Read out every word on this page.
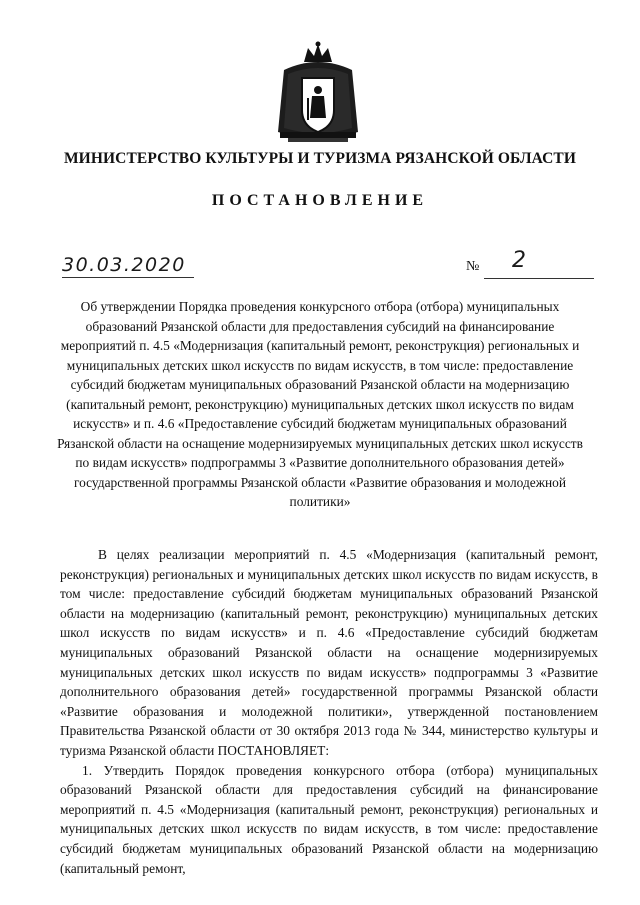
МИНИСТЕРСТВО КУЛЬТУРЫ И ТУРИЗМА РЯЗАНСКОЙ ОБЛАСТИ
ПОСТАНОВЛЕНИЕ
30.03.2020	№ 2
Об утверждении Порядка проведения конкурсного отбора (отбора) муниципальных образований Рязанской области для предоставления субсидий на финансирование мероприятий п. 4.5 «Модернизация (капитальный ремонт, реконструкция) региональных и муниципальных детских школ искусств по видам искусств, в том числе: предоставление субсидий бюджетам муниципальных образований Рязанской области на модернизацию (капитальный ремонт, реконструкцию) муниципальных детских школ искусств по видам искусств» и п. 4.6 «Предоставление субсидий бюджетам муниципальных образований Рязанской области на оснащение модернизируемых муниципальных детских школ искусств по видам искусств» подпрограммы 3 «Развитие дополнительного образования детей» государственной программы Рязанской области «Развитие образования и молодежной политики»

В целях реализации мероприятий п. 4.5 «Модернизация (капитальный ремонт, реконструкция) региональных и муниципальных детских школ искусств по видам искусств, в том числе: предоставление субсидий бюджетам муниципальных образований Рязанской области на модернизацию (капитальный ремонт, реконструкцию) муниципальных детских школ искусств по видам искусств» и п. 4.6 «Предоставление субсидий бюджетам муниципальных образований Рязанской области на оснащение модернизируемых муниципальных детских школ искусств по видам искусств» подпрограммы 3 «Развитие дополнительного образования детей» государственной программы Рязанской области «Развитие образования и молодежной политики», утвержденной постановлением Правительства Рязанской области от 30 октября 2013 года № 344, министерство культуры и туризма Рязанской области ПОСТАНОВЛЯЕТ:

1. Утвердить Порядок проведения конкурсного отбора (отбора) муниципальных образований Рязанской области для предоставления субсидий на финансирование мероприятий п. 4.5 «Модернизация (капитальный ремонт, реконструкция) региональных и муниципальных детских школ искусств по видам искусств, в том числе: предоставление субсидий бюджетам муниципальных образований Рязанской области на модернизацию (капитальный ремонт,
